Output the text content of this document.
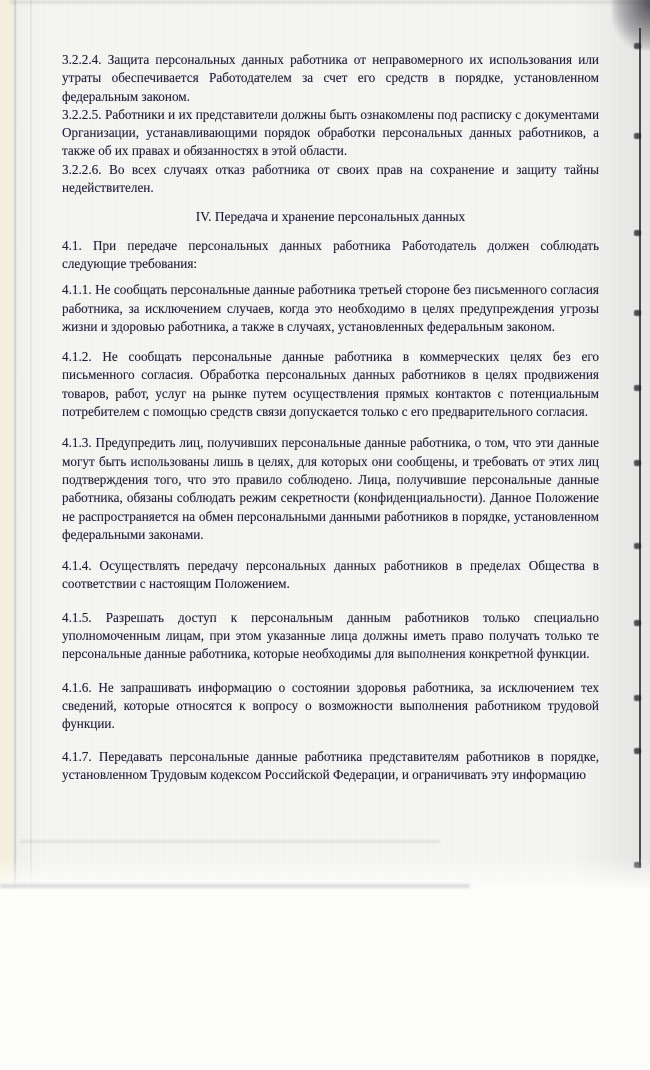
3.2.2.4. Защита персональных данных работника от неправомерного их использования или утраты обеспечивается Работодателем за счет его средств в порядке, установленном федеральным законом.

3.2.2.5. Работники и их представители должны быть ознакомлены под расписку с документами Организации, устанавливающими порядок обработки персональных данных работников, а также об их правах и обязанностях в этой области.

3.2.2.6. Во всех случаях отказ работника от своих прав на сохранение и защиту тайны недействителен.

IV. Передача и хранение персональных данных

4.1. При передаче персональных данных работника Работодатель должен соблюдать следующие требования:

4.1.1. Не сообщать персональные данные работника третьей стороне без письменного согласия работника, за исключением случаев, когда это необходимо в целях предупреждения угрозы жизни и здоровью работника, а также в случаях, установленных федеральным законом.

4.1.2. Не сообщать персональные данные работника в коммерческих целях без его письменного согласия. Обработка персональных данных работников в целях продвижения товаров, работ, услуг на рынке путем осуществления прямых контактов с потенциальным потребителем с помощью средств связи допускается только с его предварительного согласия.

4.1.3. Предупредить лиц, получивших персональные данные работника, о том, что эти данные могут быть использованы лишь в целях, для которых они сообщены, и требовать от этих лиц подтверждения того, что это правило соблюдено. Лица, получившие персональные данные работника, обязаны соблюдать режим секретности (конфиденциальности). Данное Положение не распространяется на обмен персональными данными работников в порядке, установленном федеральными законами.

4.1.4. Осуществлять передачу персональных данных работников в пределах Общества в соответствии с настоящим Положением.

4.1.5. Разрешать доступ к персональным данным работников только специально уполномоченным лицам, при этом указанные лица должны иметь право получать только те персональные данные работника, которые необходимы для выполнения конкретной функции.

4.1.6. Не запрашивать информацию о состоянии здоровья работника, за исключением тех сведений, которые относятся к вопросу о возможности выполнения работником трудовой функции.

4.1.7. Передавать персональные данные работника представителям работников в порядке, установленном Трудовым кодексом Российской Федерации, и ограничивать эту информацию
